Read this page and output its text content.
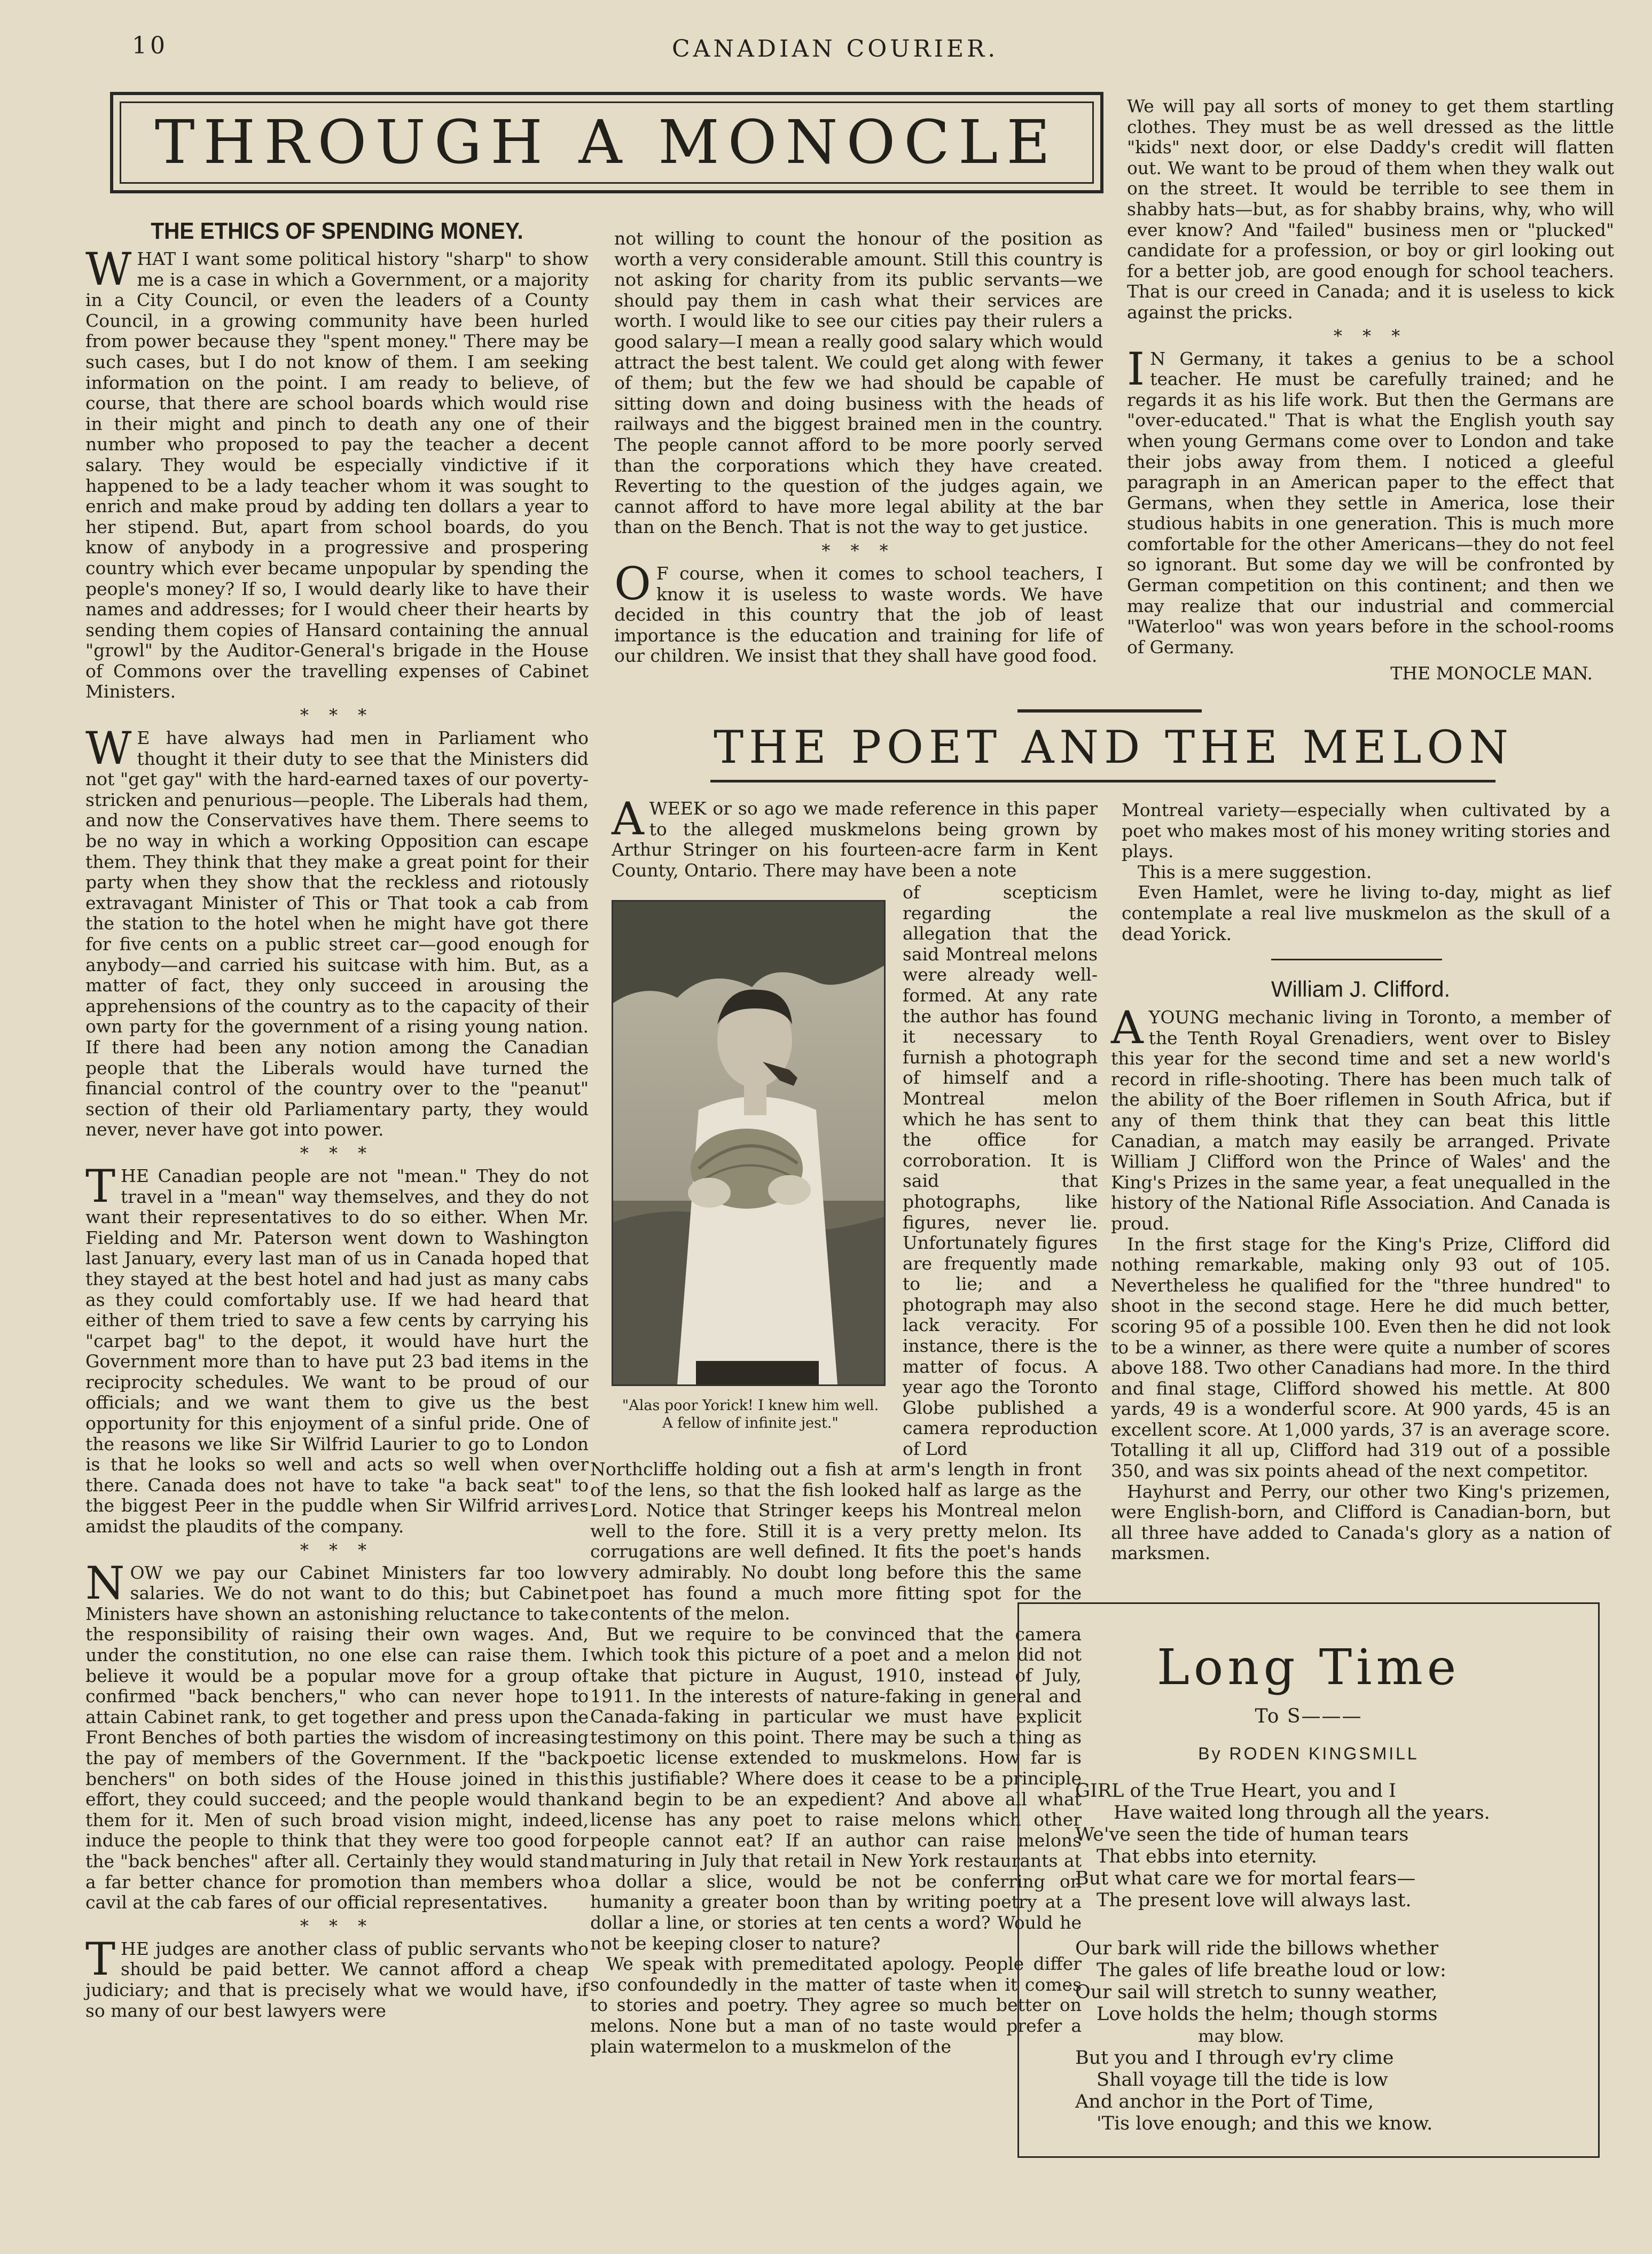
10	CANADIAN COURIER.
THROUGH A MONOCLE
THE ETHICS OF SPENDING MONEY.

WHAT I want some political history "sharp" to show me is a case in which a Government, or a majority in a City Council, or even the leaders of a County Council, in a growing community have been hurled from power because they "spent money." There may be such cases, but I do not know of them. I am seeking information on the point. I am ready to believe, of course, that there are school boards which would rise in their might and pinch to death any one of their number who proposed to pay the teacher a decent salary. They would be especially vindictive if it happened to be a lady teacher whom it was sought to enrich and make proud by adding ten dollars a year to her stipend. But, apart from school boards, do you know of anybody in a progressive and prospering country which ever became unpopular by spending the people's money? If so, I would dearly like to have their names and addresses; for I would cheer their hearts by sending them copies of Hansard containing the annual "growl" by the Auditor-General's brigade in the House of Commons over the travelling expenses of Cabinet Ministers.

* * *

WE have always had men in Parliament who thought it their duty to see that the Ministers did not "get gay" with the hard-earned taxes of our poverty-stricken and penurious—people. The Liberals had them, and now the Conservatives have them. There seems to be no way in which a working Opposition can escape them. They think that they make a great point for their party when they show that the reckless and riotously extravagant Minister of This or That took a cab from the station to the hotel when he might have got there for five cents on a public street car—good enough for anybody—and carried his suitcase with him. But, as a matter of fact, they only succeed in arousing the apprehensions of the country as to the capacity of their own party for the government of a rising young nation. If there had been any notion among the Canadian people that the Liberals would have turned the financial control of the country over to the "peanut" section of their old Parliamentary party, they would never, never have got into power.

* * *

THE Canadian people are not "mean." They do not travel in a "mean" way themselves, and they do not want their representatives to do so either. When Mr. Fielding and Mr. Paterson went down to Washington last January, every last man of us in Canada hoped that they stayed at the best hotel and had just as many cabs as they could comfortably use. If we had heard that either of them tried to save a few cents by carrying his "carpet bag" to the depot, it would have hurt the Government more than to have put 23 bad items in the reciprocity schedules. We want to be proud of our officials; and we want them to give us the best opportunity for this enjoyment of a sinful pride. One of the reasons we like Sir Wilfrid Laurier to go to London is that he looks so well and acts so well when over there. Canada does not have to take "a back seat" to the biggest Peer in the puddle when Sir Wilfrid arrives amidst the plaudits of the company.

* * *

NOW we pay our Cabinet Ministers far too low salaries. We do not want to do this; but Cabinet Ministers have shown an astonishing reluctance to take the responsibility of raising their own wages. And, under the constitution, no one else can raise them. I believe it would be a popular move for a group of confirmed "back benchers," who can never hope to attain Cabinet rank, to get together and press upon the Front Benches of both parties the wisdom of increasing the pay of members of the Government. If the "back benchers" on both sides of the House joined in this effort, they could succeed; and the people would thank them for it. Men of such broad vision might, indeed, induce the people to think that they were too good for the "back benches" after all. Certainly they would stand a far better chance for promotion than members who cavil at the cab fares of our official representatives.

* * *

THE judges are another class of public servants who should be paid better. We cannot afford a cheap judiciary; and that is precisely what we would have, if so many of our best lawyers were

not willing to count the honour of the position as worth a very considerable amount. Still this country is not asking for charity from its public servants—we should pay them in cash what their services are worth. I would like to see our cities pay their rulers a good salary—I mean a really good salary which would attract the best talent. We could get along with fewer of them; but the few we had should be capable of sitting down and doing business with the heads of railways and the biggest brained men in the country. The people cannot afford to be more poorly served than the corporations which they have created. Reverting to the question of the judges again, we cannot afford to have more legal ability at the bar than on the Bench. That is not the way to get justice.

* * *

OF course, when it comes to school teachers, I know it is useless to waste words. We have decided in this country that the job of least importance is the education and training for life of our children. We insist that they shall have good food.

We will pay all sorts of money to get them startling clothes. They must be as well dressed as the little "kids" next door, or else Daddy's credit will flatten out. We want to be proud of them when they walk out on the street. It would be terrible to see them in shabby hats—but, as for shabby brains, why, who will ever know? And "failed" business men or "plucked" candidate for a profession, or boy or girl looking out for a better job, are good enough for school teachers. That is our creed in Canada; and it is useless to kick against the pricks.

* * *

IN Germany, it takes a genius to be a school teacher. He must be carefully trained; and he regards it as his life work. But then the Germans are "over-educated." That is what the English youth say when young Germans come over to London and take their jobs away from them. I noticed a gleeful paragraph in an American paper to the effect that Germans, when they settle in America, lose their studious habits in one generation. This is much more comfortable for the other Americans—they do not feel so ignorant. But some day we will be confronted by German competition on this continent; and then we may realize that our industrial and commercial "Waterloo" was won years before in the school-rooms of Germany.

THE MONOCLE MAN.
THE POET AND THE MELON

AWEEK or so ago we made reference in this paper to the alleged muskmelons being grown by Arthur Stringer on his fourteen-acre farm in Kent County, Ontario. There may have been a note

"Alas poor Yorick! I knew him well. A fellow of infinite jest."

of scepticism regarding the allegation that the said Montreal melons were already well-formed. At any rate the author has found it necessary to furnish a photograph of himself and a Montreal melon which he has sent to the office for corroboration. It is said that photographs, like figures, never lie. Unfortunately figures are frequently made to lie; and a photograph may also lack veracity. For instance, there is the matter of focus. A year ago the Toronto Globe published a camera reproduction of Lord

Northcliffe holding out a fish at arm's length in front of the lens, so that the fish looked half as large as the Lord. Notice that Stringer keeps his Montreal melon well to the fore. Still it is a very pretty melon. Its corrugations are well defined. It fits the poet's hands very admirably. No doubt long before this the same poet has found a much more fitting spot for the contents of the melon.

But we require to be convinced that the camera which took this picture of a poet and a melon did not take that picture in August, 1910, instead of July, 1911. In the interests of nature-faking in general and Canada-faking in particular we must have explicit testimony on this point. There may be such a thing as poetic license extended to muskmelons. How far is this justifiable? Where does it cease to be a principle and begin to be an expedient? And above all what license has any poet to raise melons which other people cannot eat? If an author can raise melons maturing in July that retail in New York restaurants at a dollar a slice, would be not be conferring on humanity a greater boon than by writing poetry at a dollar a line, or stories at ten cents a word? Would he not be keeping closer to nature?

We speak with premeditated apology. People differ so confoundedly in the matter of taste when it comes to stories and poetry. They agree so much better on melons. None but a man of no taste would prefer a plain watermelon to a muskmelon of the

Montreal variety—especially when cultivated by a poet who makes most of his money writing stories and plays.

This is a mere suggestion.

Even Hamlet, were he living to-day, might as lief contemplate a real live muskmelon as the skull of a dead Yorick.

William J. Clifford.

AYOUNG mechanic living in Toronto, a member of the Tenth Royal Grenadiers, went over to Bisley this year for the second time and set a new world's record in rifle-shooting. There has been much talk of the ability of the Boer riflemen in South Africa, but if any of them think that they can beat this little Canadian, a match may easily be arranged. Private William J Clifford won the Prince of Wales' and the King's Prizes in the same year, a feat unequalled in the history of the National Rifle Association. And Canada is proud.

In the first stage for the King's Prize, Clifford did nothing remarkable, making only 93 out of 105. Nevertheless he qualified for the "three hundred" to shoot in the second stage. Here he did much better, scoring 95 of a possible 100. Even then he did not look to be a winner, as there were quite a number of scores above 188. Two other Canadians had more. In the third and final stage, Clifford showed his mettle. At 800 yards, 49 is a wonderful score. At 900 yards, 45 is an excellent score. At 1,000 yards, 37 is an average score. Totalling it all up, Clifford had 319 out of a possible 350, and was six points ahead of the next competitor.

Hayhurst and Perry, our other two King's prizemen, were English-born, and Clifford is Canadian-born, but all three have added to Canada's glory as a nation of marksmen.

Long Time
To S———
By RODEN KINGSMILL

GIRL of the True Heart, you and I

Have waited long through all the years.

We've seen the tide of human tears

That ebbs into eternity.

But what care we for mortal fears—

The present love will always last.

Our bark will ride the billows whether

The gales of life breathe loud or low:

Our sail will stretch to sunny weather,

Love holds the helm; though storms

may blow.

But you and I through ev'ry clime

Shall voyage till the tide is low

And anchor in the Port of Time,

'Tis love enough; and this we know.
